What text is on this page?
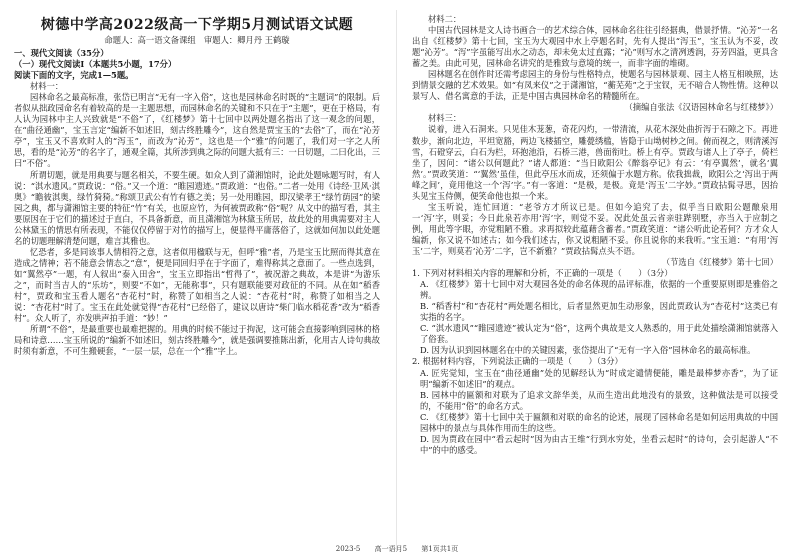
树德中学高2022级高一下学期5月测试语文试题
命题人：高一语文备课组　审题人：卿月丹 王鹤璇
一、现代文阅读（35分）
（一）现代文阅读Ⅰ（本题共5小题，17分）
阅读下面的文字，完成1—5题。
材料一：

园林命名之最高标准，张岱已明言“无有一字入俗”，这也是园林命名时既的“主题词”的限制。后者似从拙政园命名有着较高的是一主题思想，而园林命名的关键和不只在于“主题”，更在于格局，有人认为园林中主人兴致就是“不俗”了，《红楼梦》第十七回中以两处题名指出了这一观念的问题，在“曲径通幽”，宝玉言定“编新不如述旧，刻古终胜雕今”，这自然是贾宝玉的“去俗”了，而在“沁芳亭”，宝玉又不喜欢时人的“泻玉”，而改为“沁芳”，这也是一个“雅”的问题了，我们对一字之人所思，看的是“沁芳”的名字了，通观全篇，其所涉到典之际的问题大抵有三：一曰切题，二曰化出，三曰“不俗”。

所谓切题，就是用典要与题名相关，不要生硬。如众人到了潇湘馆时，论此处题咏题写时，有人说：“淇水遗风。”贾政说：“俗。”又一个道：“睢园遗迹。”贾政道：“也俗。”二者一处用《诗经·卫风·淇奥》“瞻彼淇奥，绿竹猗猗。”称颂卫武公有竹有德之美；另一处用睢园，即汉梁孝王“绿竹荫园”的梁园之典，都与潇湘馆主要的特征“竹”有关，也原应竹，为何被贾政称“俗”呢？从文中的描写看，其主要原因在于它们的描述过于直白，不具备新意，而且潇湘馆为林黛玉所居，故此处的用典需要对主人公林黛玉的情思有所表现，不能仅仅停留于对竹的描写上，便显得平庸落俗了，这就如何加以此处题名的切题理解清楚问题，难言其雅也。

忆恐者，多是同该事人情相符之意，这者似用楹联与无，但呼“雅”者，乃是宝玉比照而得其意在造成之情神；若不能意会情态之“意”，便是同回归乎在于字面了，难得称其之意面了。一些点选到，如“翼然亭”一题，有人叙出“泰入田舍”，宝玉立即指出“哲得了”，被况游之典故，本是讲“为游乐之”，而时当吉人的“乐坊”，则要“不如”，无能称事”，只有题联能要对政征的不同。从在如“稻香村”，贾政和宝玉看人题名“杏花村”时，称赞了如相当之人说：“杏花村”时，称赞了如相当之人说：“杏花村”时了。宝玉在此处就觉得“杏花村”已经俗了，建议以唐诗“柴门临水稻花香”改为“稻香村”。众人听了，亦发哄声拍手道：“妙！”

所谓“不俗”，是最重要也最难把握的。用典的时候不能过于拘泥，这可能会直接影响到园林的格局和诗意……宝玉所说的“编新不如述旧，刻古终胜雕今”，就是强调要推陈出新，化用古人诗句典故时须有新意，不可生搬硬套，“一层一层，总在一个“雅”字上。

材料二：

中国古代园林是文人诗书画合一的艺术综合体，园林命名往往引经据典，借景抒情。“沁芳”一名出自《红楼梦》第十七回，宝玉为大观园中水上亭题名时，先有人提出“泻玉”，宝玉认为不妥，改题“沁芳”。“泻”字虽能写出水之动态，却未免太过直露；“沁”则写水之清冽透润，芬芳四溢，更具含蓄之美。由此可见，园林命名讲究的是雅致与意境的统一，而非字面的堆砌。

园林题名在创作时还需考虑园主的身份与性格特点，使题名与园林景观、园主人格互相映照，达到情景交融的艺术效果。如“有凤来仪”之于潇湘馆，“蘅芜苑”之于宝钗，无不暗合人物性情。这种以景写人、借名寓意的手法，正是中国古典园林命名的精髓所在。

（摘编自张法《汉语园林命名与红楼梦》）

材料三：

说着，进入石洞来。只见佳木茏葱，奇花闪灼，一带清流，从花木深处曲折泻于石隙之下。再进数步，渐向北边，平坦宽豁，两边飞楼插空，雕甍绣槛，皆隐于山坳树杪之间。俯而视之，则清溪泻雪，石磴穿云，白石为栏，环抱池沿，石桥三港，兽面衔吐。桥上有亭。贾政与诸人上了亭子，倚栏坐了，因问：“诸公以何题此？”诸人都道：“当日欧阳公《醉翁亭记》有云：‘有亭翼然’，就名‘翼然’。”贾政笑道：“‘翼然’虽佳，但此亭压水而成，还须偏于水题方称。依我拙裁，欧阳公之‘泻出于两峰之间’，竟用他这一个‘泻’字。”有一客道：“是极，是极。竟是‘泻玉’二字妙。”贾政拈髯寻思，因抬头见宝玉侍侧，便笑命他也拟一个来。

宝玉听说，连忙回道：“老爷方才所议已是。但如今追究了去，似乎当日欧阳公题酿泉用一‘泻’字，则妥；今日此泉若亦用‘泻’字，则觉不妥。况此处虽云省亲驻跸别墅，亦当入于应制之例，用此等字眼，亦觉粗陋不雅。求再拟较此蕴藉含蓄者。”贾政笑道：“诸公听此论若何？方才众人编新，你又说不如述古；如今我们述古，你又说粗陋不妥。你且说你的来我听。”宝玉道：“有用‘泻玉’二字，则莫若‘沁芳’二字，岂不新雅？”贾政拈髯点头不语。

（节选自《红楼梦》第十七回）

1. 下列对材料相关内容的理解和分析，不正确的一项是（　　）（3分）

A. 《红楼梦》第十七回中对大观园各处的命名体现的品评标准，依据的一个重要原则即是雅俗之辨。

B. “稻香村”和“杏花村”两处题名相比，后者显然更加生动形象，因此贾政认为“杏花村”这类已有实指的名字。

C. “淇水遗风”“睢园遗迹”被认定为“俗”，这两个典故是文人熟悉的，用于此处描绘潇湘馆就落入了俗套。

D. 因为认识到园林题名在中的关键因素，张岱提出了“无有一字入俗”园林命名的最高标准。

2. 根据材料内容，下列说法正确的一项是（　　）（3分）

A. 匠宪觉知，宝玉在“曲径通幽”处的见解经认为“时成定谴情便能，雕是最棒梦亦香”，为了证明“编新不如述旧”的观点。

B. 园林中的匾额和对联为了追求文辞华美，从而生造出此地没有的景致，这种做法是可以接受的，不能用“俗”的命名方式。

C. 《红楼梦》第十七回中关于匾额和对联的命名的论述，展现了园林命名是如何运用典故的中国园林中的景点与具体作用而生的这些。

D. 因为贾政在园中“看云起时”因为由古王维“行到水穷处，坐看云起时”的诗句，会引起游人“不中”的中的感受。

2023-5 高一语月5 第1页共1页
